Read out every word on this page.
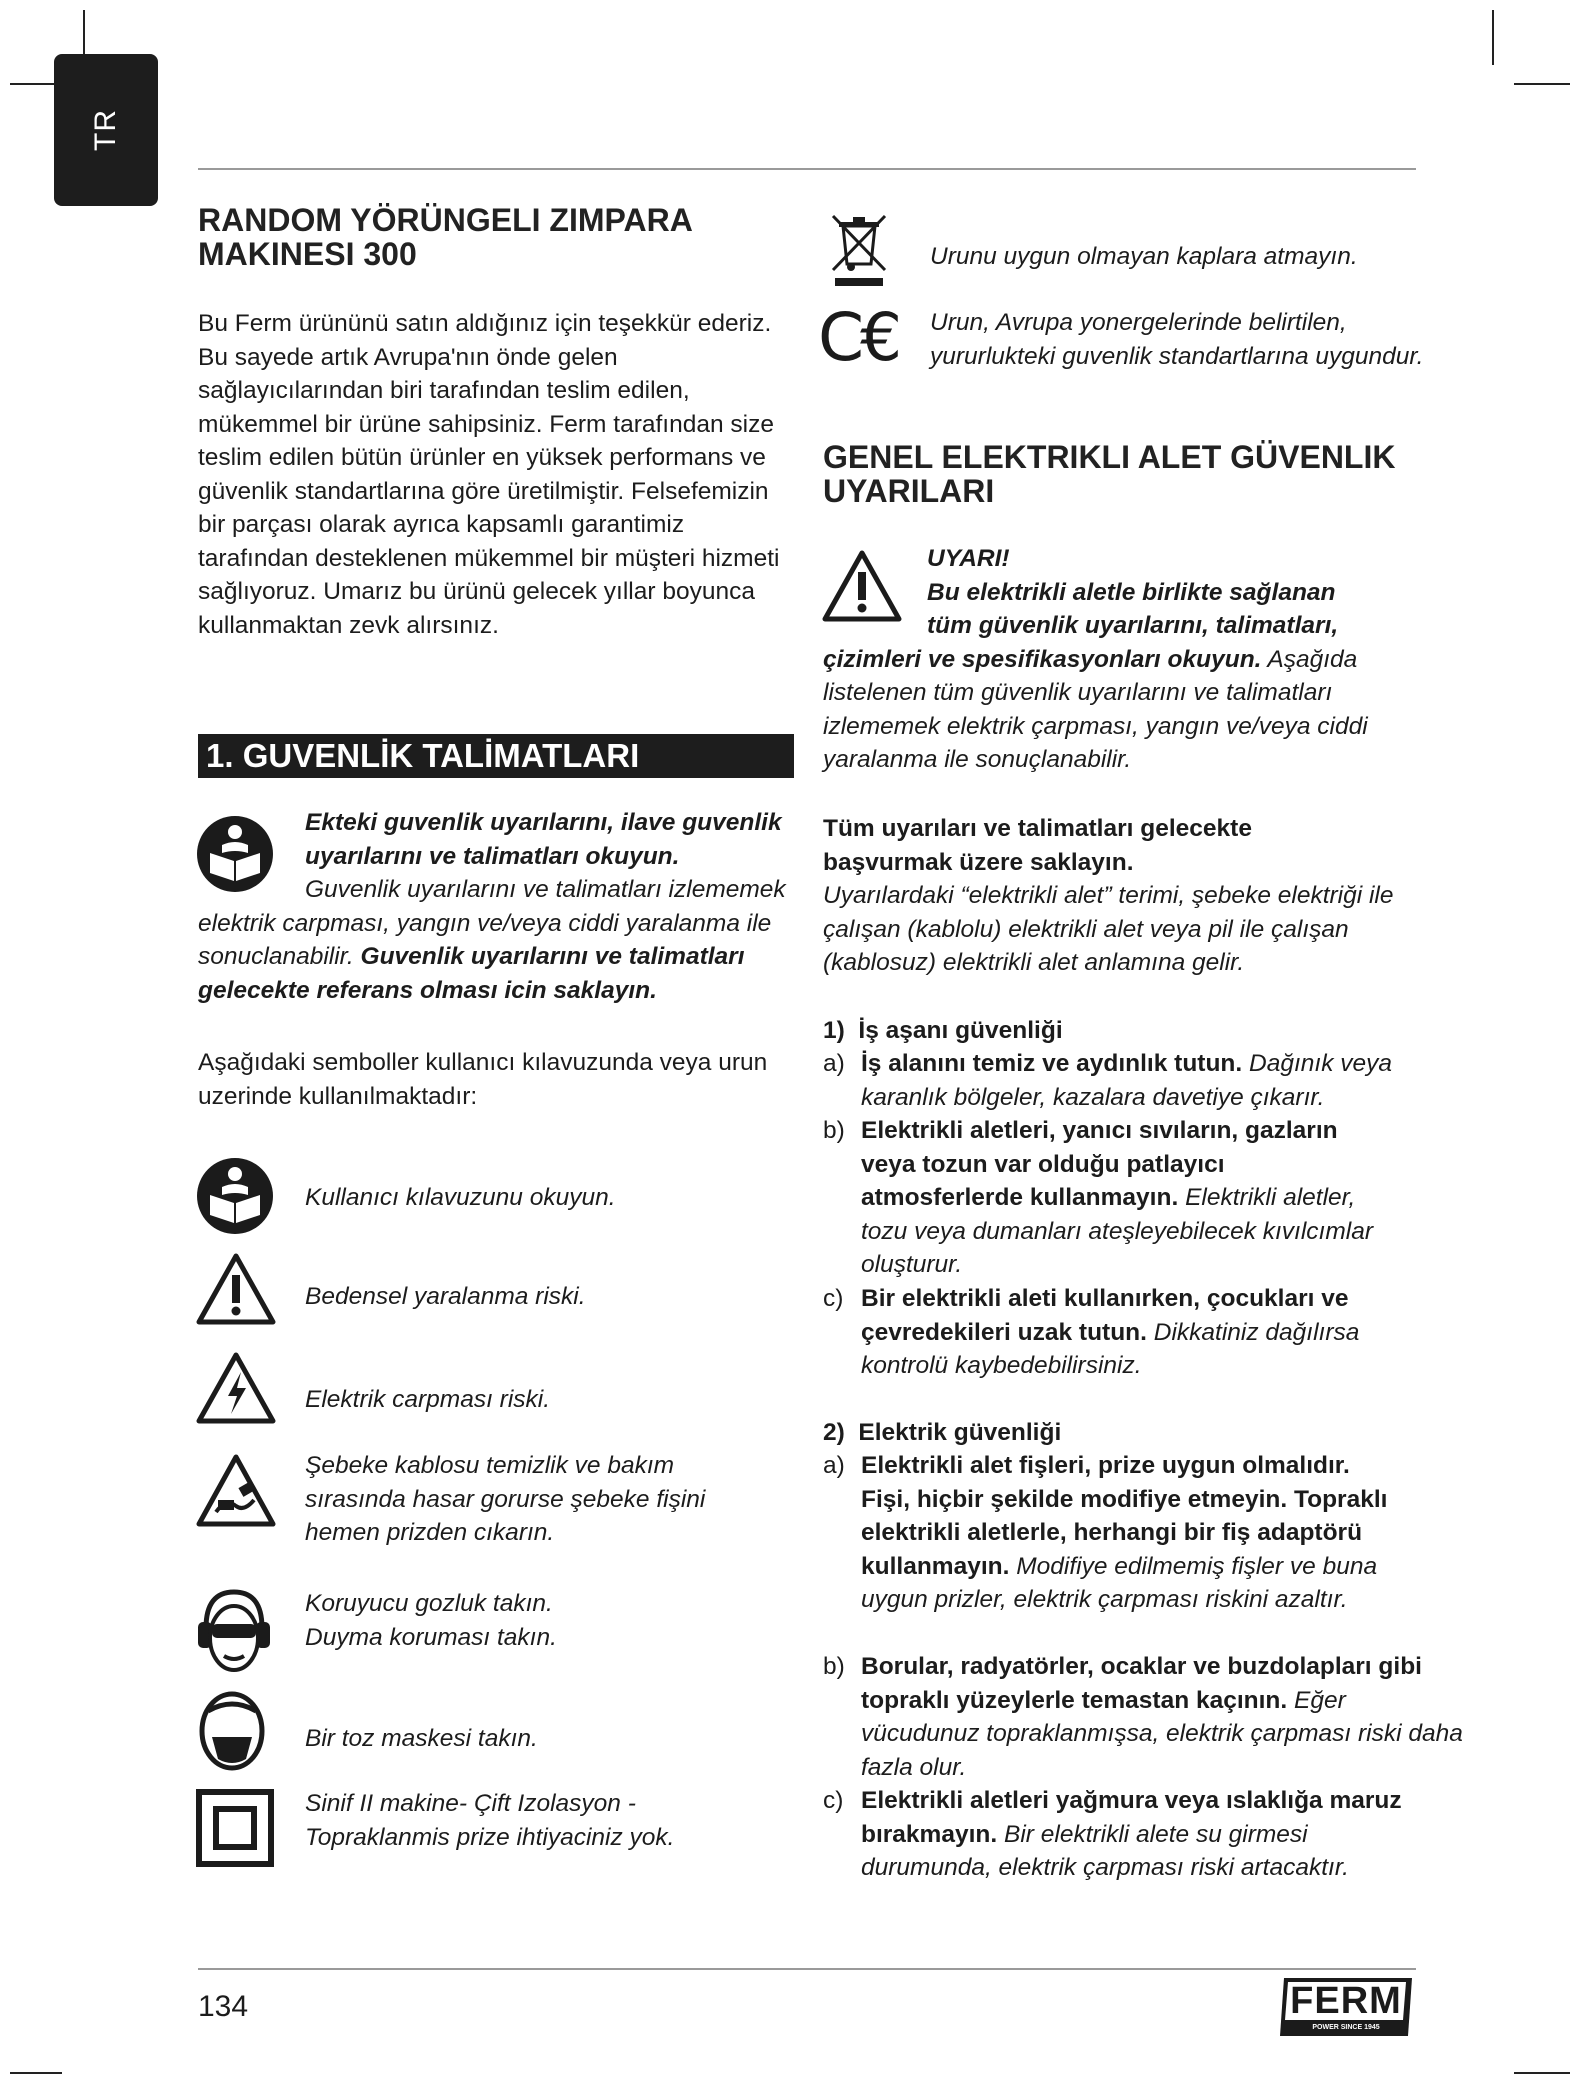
TR
RANDOM YÖRÜNGELI ZIMPARA
MAKINESI 300

Bu Ferm ürününü satın aldığınız için teşekkür ederiz. Bu sayede artık Avrupa'nın önde gelen sağlayıcılarından biri tarafından teslim edilen, mükemmel bir ürüne sahipsiniz. Ferm tarafından size teslim edilen bütün ürünler en yüksek performans ve güvenlik standartlarına göre üretilmiştir. Felsefemizin bir parçası olarak ayrıca kapsamlı garantimiz tarafından desteklenen mükemmel bir müşteri hizmeti sağlıyoruz. Umarız bu ürünü gelecek yıllar boyunca kullanmaktan zevk alırsınız.

1. GUVENLİK TALİMATLARI
Ekteki guvenlik uyarılarını, ilave guvenlik uyarılarını ve talimatları okuyun.
Guvenlik uyarılarını ve talimatları izlememek elektrik carpması, yangın ve/veya ciddi yaralanma ile sonuclanabilir. Guvenlik uyarılarını ve talimatları gelecekte referans olması icin saklayın.

Aşağıdaki semboller kullanıcı kılavuzunda veya urun uzerinde kullanılmaktadır:

Kullanıcı kılavuzunu okuyun.
Bedensel yaralanma riski.
Elektrik carpması riski.
Şebeke kablosu temizlik ve bakım sırasında hasar gorurse şebeke fişini hemen prizden cıkarın.
Koruyucu gozluk takın. Duyma koruması takın.
Bir toz maskesi takın.
Sinif II makine- Çift Izolasyon - Topraklanmis prize ihtiyaciniz yok.
Urunu uygun olmayan kaplara atmayın.
C€ Urun, Avrupa yonergelerinde belirtilen, yururlukteki guvenlik standartlarına uygundur.
GENEL ELEKTRIKLI ALET GÜVENLIK
UYARILARI
UYARI!
Bu elektrikli aletle birlikte sağlanan
tüm güvenlik uyarılarını, talimatları,
çizimleri ve spesifikasyonları okuyun. Aşağıda listelenen tüm güvenlik uyarılarını ve talimatları izlememek elektrik çarpması, yangın ve/veya ciddi yaralanma ile sonuçlanabilir.
Tüm uyarıları ve talimatları gelecekte başvurmak üzere saklayın.
Uyarılardaki “elektrikli alet” terimi, şebeke elektriği ile çalışan (kablolu) elektrikli alet veya pil ile çalışan (kablosuz) elektrikli alet anlamına gelir.
1)  İş aşanı güvenliği
a) İş alanını temiz ve aydınlık tutun. Dağınık veya karanlık bölgeler, kazalara davetiye çıkarır.
b) Elektrikli aletleri, yanıcı sıvıların, gazların veya tozun var olduğu patlayıcı atmosferlerde kullanmayın. Elektrikli aletler, tozu veya dumanları ateşleyebilecek kıvılcımlar oluşturur.
c) Bir elektrikli aleti kullanırken, çocukları ve çevredekileri uzak tutun. Dikkatiniz dağılırsa kontrolü kaybedebilirsiniz.
2)  Elektrik güvenliği
a) Elektrikli alet fişleri, prize uygun olmalıdır. Fişi, hiçbir şekilde modifiye etmeyin. Topraklı elektrikli aletlerle, herhangi bir fiş adaptörü kullanmayın. Modifiye edilmemiş fişler ve buna uygun prizler, elektrik çarpması riskini azaltır.
b) Borular, radyatörler, ocaklar ve buzdolapları gibi topraklı yüzeylerle temastan kaçının. Eğer vücudunuz topraklanmışsa, elektrik çarpması riski daha fazla olur.
c) Elektrikli aletleri yağmura veya ıslaklığa maruz bırakmayın. Bir elektrikli alete su girmesi durumunda, elektrik çarpması riski artacaktır.
134	FERM
POWER SINCE 1945
